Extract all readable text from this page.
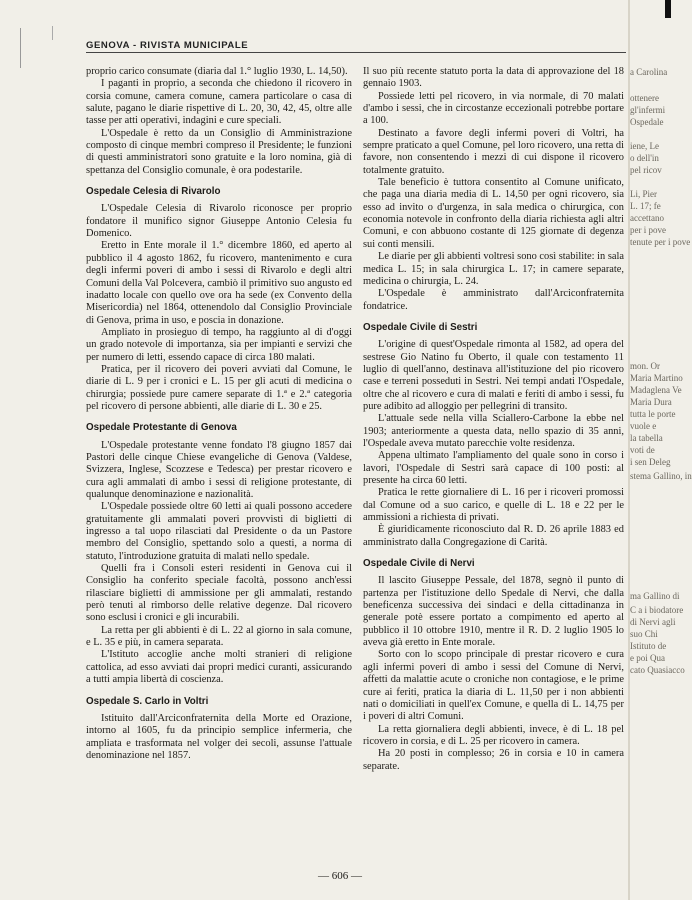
GENOVA - RIVISTA MUNICIPALE

proprio carico consumate (diaria dal 1.° luglio 1930, L. 14,50).

I paganti in proprio, a seconda che chiedono il ricovero in corsia comune, camera comune, camera particolare o casa di salute, pagano le diarie rispettive di L. 20, 30, 42, 45, oltre alle tasse per atti operativi, indagini e cure speciali.

L'Ospedale è retto da un Consiglio di Amministrazione composto di cinque membri compreso il Presidente; le funzioni di questi amministratori sono gratuite e la loro nomina, già di spettanza del Consiglio comunale, è ora podestarile.

Ospedale Celesia di Rivarolo

L'Ospedale Celesia di Rivarolo riconosce per proprio fondatore il munifico signor Giuseppe Antonio Celesia fu Domenico.

Eretto in Ente morale il 1.° dicembre 1860, ed aperto al pubblico il 4 agosto 1862, fu ricovero, mantenimento e cura degli infermi poveri di ambo i sessi di Rivarolo e degli altri Comuni della Val Polcevera, cambiò il primitivo suo angusto ed inadatto locale con quello ove ora ha sede (ex Convento della Misericordia) nel 1864, ottenendolo dal Consiglio Provinciale di Genova, prima in uso, e poscia in donazione.

Ampliato in prosieguo di tempo, ha raggiunto al di d'oggi un grado notevole di importanza, sia per impianti e servizi che per numero di letti, essendo capace di circa 180 malati.

Pratica, per il ricovero dei poveri avviati dal Comune, le diarie di L. 9 per i cronici e L. 15 per gli acuti di medicina o chirurgia; possiede pure camere separate di 1.ª e 2.ª categoria pel ricovero di persone abbienti, alle diarie di L. 30 e 25.

Ospedale Protestante di Genova

L'Ospedale protestante venne fondato l'8 giugno 1857 dai Pastori delle cinque Chiese evangeliche di Genova (Valdese, Svizzera, Inglese, Scozzese e Tedesca) per prestar ricovero e cura agli ammalati di ambo i sessi di religione protestante, di qualunque denominazione e nazionalità.

L'Ospedale possiede oltre 60 letti ai quali possono accedere gratuitamente gli ammalati poveri provvisti di biglietti di ingresso a tal uopo rilasciati dal Presidente o da un Pastore membro del Consiglio, spettando solo a questi, a norma di statuto, l'introduzione gratuita di malati nello spedale.

Quelli fra i Consoli esteri residenti in Genova cui il Consiglio ha conferito speciale facoltà, possono anch'essi rilasciare biglietti di ammissione per gli ammalati, restando però tenuti al rimborso delle relative degenze. Dal ricovero sono esclusi i cronici e gli incurabili.

La retta per gli abbienti è di L. 22 al giorno in sala comune, e L. 35 e più, in camera separata.

L'Istituto accoglie anche molti stranieri di religione cattolica, ad esso avviati dai propri medici curanti, assicurando a tutti ampia libertà di coscienza.

Ospedale S. Carlo in Voltri

Istituito dall'Arciconfraternita della Morte ed Orazione, intorno al 1605, fu da principio semplice infermeria, che ampliata e trasformata nel volger dei secoli, assunse l'attuale denominazione nel 1857.

Il suo più recente statuto porta la data di approvazione del 18 gennaio 1903.

Possiede letti pel ricovero, in via normale, di 70 malati d'ambo i sessi, che in circostanze eccezionali potrebbe portare a 100.

Destinato a favore degli infermi poveri di Voltri, ha sempre praticato a quel Comune, pel loro ricovero, una retta di favore, non consentendo i mezzi di cui dispone il ricovero totalmente gratuito.

Tale beneficio è tuttora consentito al Comune unificato, che paga una diaria media di L. 14,50 per ogni ricovero, sia esso ad invito o d'urgenza, in sala medica o chirurgica, con economia notevole in confronto della diaria richiesta agli altri Comuni, e con abbuono costante di 125 giornate di degenza sui conti mensili.

Le diarie per gli abbienti voltresi sono così stabilite: in sala medica L. 15; in sala chirurgica L. 17; in camere separate, medicina o chirurgia, L. 24.

L'Ospedale è amministrato dall'Arciconfraternita fondatrice.

Ospedale Civile di Sestri

L'origine di quest'Ospedale rimonta al 1582, ad opera del sestrese Gio Natino fu Oberto, il quale con testamento 11 luglio di quell'anno, destinava all'istituzione del pio ricovero case e terreni posseduti in Sestri. Nei tempi andati l'Ospedale, oltre che al ricovero e cura di malati e feriti di ambo i sessi, fu pure adibito ad alloggio per pellegrini di transito.

L'attuale sede nella villa Sciallero-Carbone la ebbe nel 1903; anteriormente a questa data, nello spazio di 35 anni, l'Ospedale aveva mutato parecchie volte residenza.

Appena ultimato l'ampliamento del quale sono in corso i lavori, l'Ospedale di Sestri sarà capace di 100 posti: al presente ha circa 60 letti.

Pratica le rette giornaliere di L. 16 per i ricoveri promossi dal Comune od a suo carico, e quelle di L. 18 e 22 per le ammissioni a richiesta di privati.

È giuridicamente riconosciuto dal R. D. 26 aprile 1883 ed amministrato dalla Congregazione di Carità.

Ospedale Civile di Nervi

Il lascito Giuseppe Pessale, del 1878, segnò il punto di partenza per l'istituzione dello Spedale di Nervi, che dalla beneficenza successiva dei sindaci e della cittadinanza in generale potè essere portato a compimento ed aperto al pubblico il 10 ottobre 1910, mentre il R. D. 2 luglio 1905 lo aveva già eretto in Ente morale.

Sorto con lo scopo principale di prestar ricovero e cura agli infermi poveri di ambo i sessi del Comune di Nervi, affetti da malattie acute o croniche non contagiose, e le prime cure ai feriti, pratica la diaria di L. 11,50 per i non abbienti nati o domiciliati in quell'ex Comune, e quella di L. 14,75 per i poveri di altri Comuni.

La retta giornaliera degli abbienti, invece, è di L. 18 pel ricovero in corsia, e di L. 25 per ricovero in camera.

Ha 20 posti in complesso; 26 in corsia e 10 in camera separate.

— 606 —
a Carolina
ottenere
gl'infermi
Ospedale
iene, Le
o dell'in
pel ricov
Li, Pier
L. 17; fe
accettano
per i pove
tenute per i pove
mon. Or
Maria Martino
Madaglena Ve
Maria Dura
tutta le porte
vuole e
la tabella
voti de
i sen Deleg
stema Gallino, in
ma Gallino di
C a i biodatore
di Nervi agli
suo Chi
Istituto de
e poi Qua
cato Quasiacco
